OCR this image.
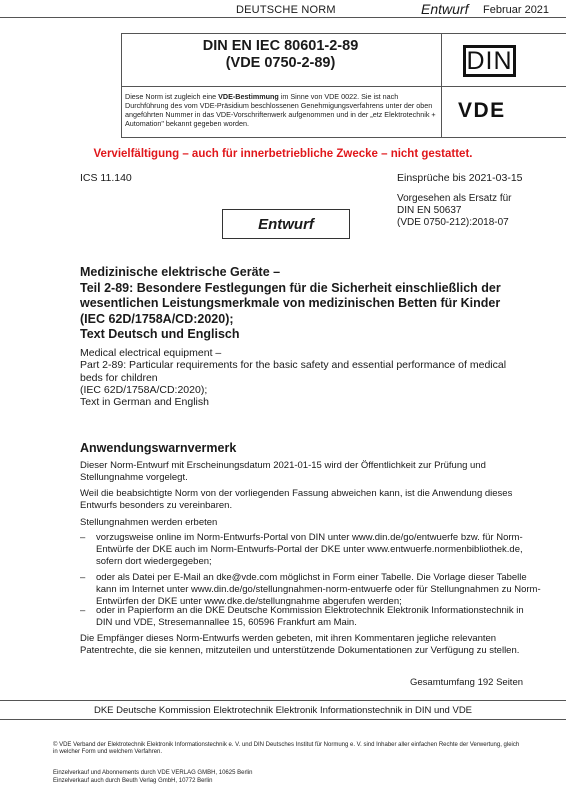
DEUTSCHE NORM	Entwurf Februar 2021
DIN EN IEC 80601-2-89
(VDE 0750-2-89)	DIN
VDE
Diese Norm ist zugleich eine VDE-Bestimmung im Sinne von VDE 0022. Sie ist nach Durchführung des vom VDE-Präsidium beschlossenen Genehmigungsverfahrens unter der oben angeführten Nummer in das VDE-Vorschriftenwerk aufgenommen und in der „etz Elektrotechnik + Automation" bekannt gegeben worden.
Vervielfältigung – auch für innerbetriebliche Zwecke – nicht gestattet.
ICS 11.140	Einsprüche bis 2021-03-15
Vorgesehen als Ersatz für
DIN EN 50637
(VDE 0750-212):2018-07
Entwurf
Medizinische elektrische Geräte –
Teil 2-89: Besondere Festlegungen für die Sicherheit einschließlich der
wesentlichen Leistungsmerkmale von medizinischen Betten für Kinder
(IEC 62D/1758A/CD:2020);
Text Deutsch und Englisch
Medical electrical equipment –
Part 2-89: Particular requirements for the basic safety and essential performance of medical
beds for children
(IEC 62D/1758A/CD:2020);
Text in German and English
Anwendungswarnvermerk
Dieser Norm-Entwurf mit Erscheinungsdatum 2021-01-15 wird der Öffentlichkeit zur Prüfung und Stellungnahme vorgelegt.
Weil die beabsichtigte Norm von der vorliegenden Fassung abweichen kann, ist die Anwendung dieses Entwurfs besonders zu vereinbaren.
Stellungnahmen werden erbeten
– vorzugsweise online im Norm-Entwurfs-Portal von DIN unter www.din.de/go/entwuerfe bzw. für Norm-Entwürfe der DKE auch im Norm-Entwurfs-Portal der DKE unter www.entwuerfe.normenbibliothek.de, sofern dort wiedergegeben;
– oder als Datei per E-Mail an dke@vde.com möglichst in Form einer Tabelle. Die Vorlage dieser Tabelle kann im Internet unter www.din.de/go/stellungnahmen-norm-entwuerfe oder für Stellungnahmen zu Norm-Entwürfen der DKE unter www.dke.de/stellungnahme abgerufen werden;
– oder in Papierform an die DKE Deutsche Kommission Elektrotechnik Elektronik Informationstechnik in DIN und VDE, Stresemannallee 15, 60596 Frankfurt am Main.
Die Empfänger dieses Norm-Entwurfs werden gebeten, mit ihren Kommentaren jegliche relevanten Patentrechte, die sie kennen, mitzuteilen und unterstützende Dokumentationen zur Verfügung zu stellen.
Gesamtumfang 192 Seiten
DKE Deutsche Kommission Elektrotechnik Elektronik Informationstechnik in DIN und VDE
© VDE Verband der Elektrotechnik Elektronik Informationstechnik e. V. und DIN Deutsches Institut für Normung e. V. sind Inhaber aller einfachen Rechte der Verwertung, gleich in welcher Form und welchem Verfahren.
Einzelverkauf und Abonnements durch VDE VERLAG GMBH, 10625 Berlin
Einzelverkauf auch durch Beuth Verlag GmbH, 10772 Berlin
